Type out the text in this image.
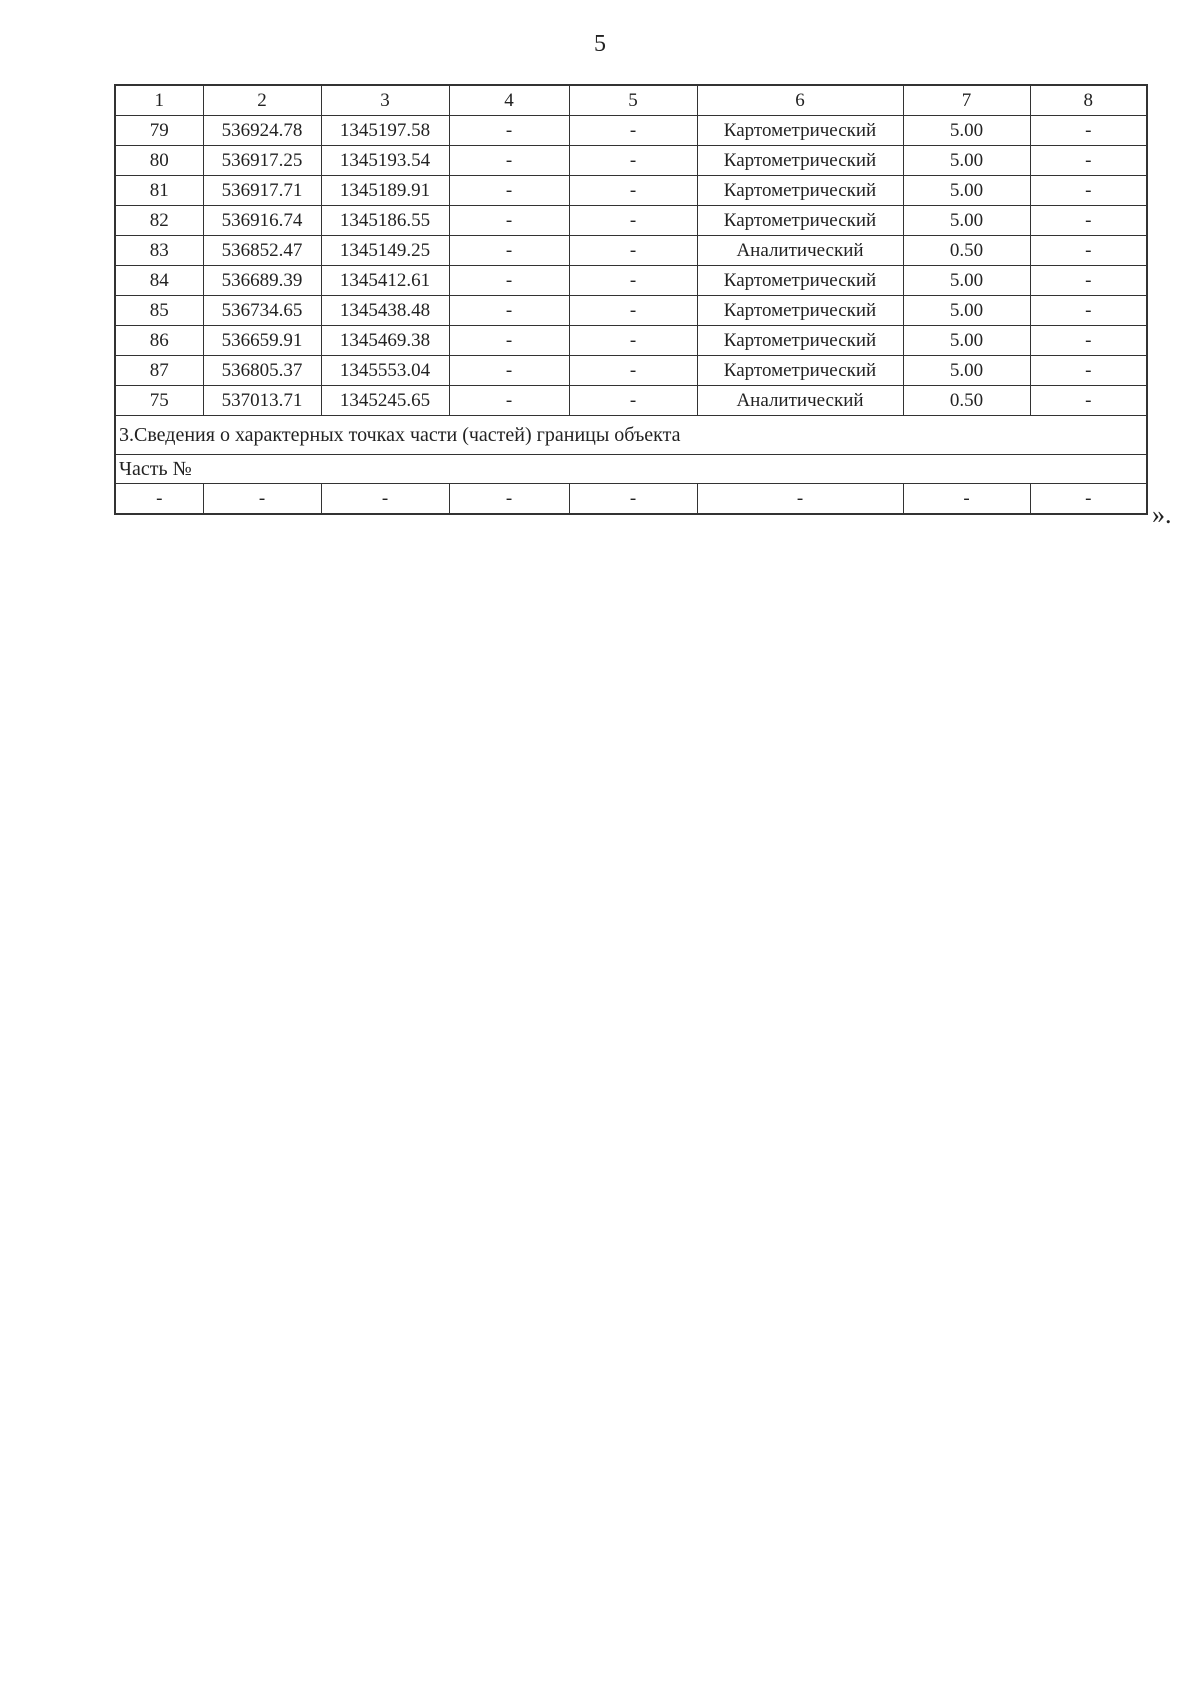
5
1	2	3	4	5	6	7	8
79	536924.78	1345197.58	-	-	Картометрический	5.00	-
80	536917.25	1345193.54	-	-	Картометрический	5.00	-
81	536917.71	1345189.91	-	-	Картометрический	5.00	-
82	536916.74	1345186.55	-	-	Картометрический	5.00	-
83	536852.47	1345149.25	-	-	Аналитический	0.50	-
84	536689.39	1345412.61	-	-	Картометрический	5.00	-
85	536734.65	1345438.48	-	-	Картометрический	5.00	-
86	536659.91	1345469.38	-	-	Картометрический	5.00	-
87	536805.37	1345553.04	-	-	Картометрический	5.00	-
75	537013.71	1345245.65	-	-	Аналитический	0.50	-
3.Сведения о характерных точках части (частей) границы объекта							
Часть №							
-	-	-	-	-	-	-	-
».
